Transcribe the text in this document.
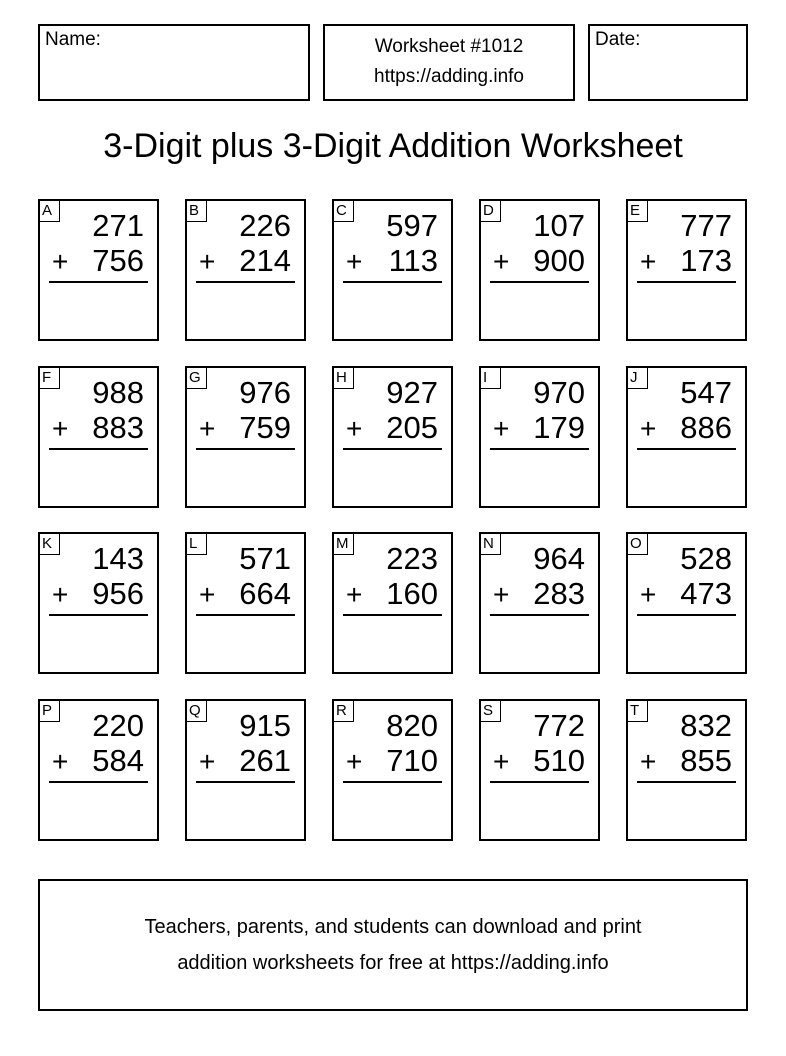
Name:	Worksheet #1012
https://adding.info
Date:
3-Digit plus 3-Digit Addition Worksheet
A 271
+ 756
B 226
+ 214
C 597
+ 113
D 107
+ 900
E 777
+ 173
F 988
+ 883
G 976
+ 759
H 927
+ 205
I	970
+ 179
J	547
+ 886
K 143
+ 956
L	571
+ 664
M 223
+ 160
N 964
+ 283
O 528
+ 473
P 220
+ 584
Q 915
+ 261
R 820
+ 710
S 772
+ 510
T 832
+ 855
Teachers, parents, and students can download and print
addition worksheets for free at https://adding.info
